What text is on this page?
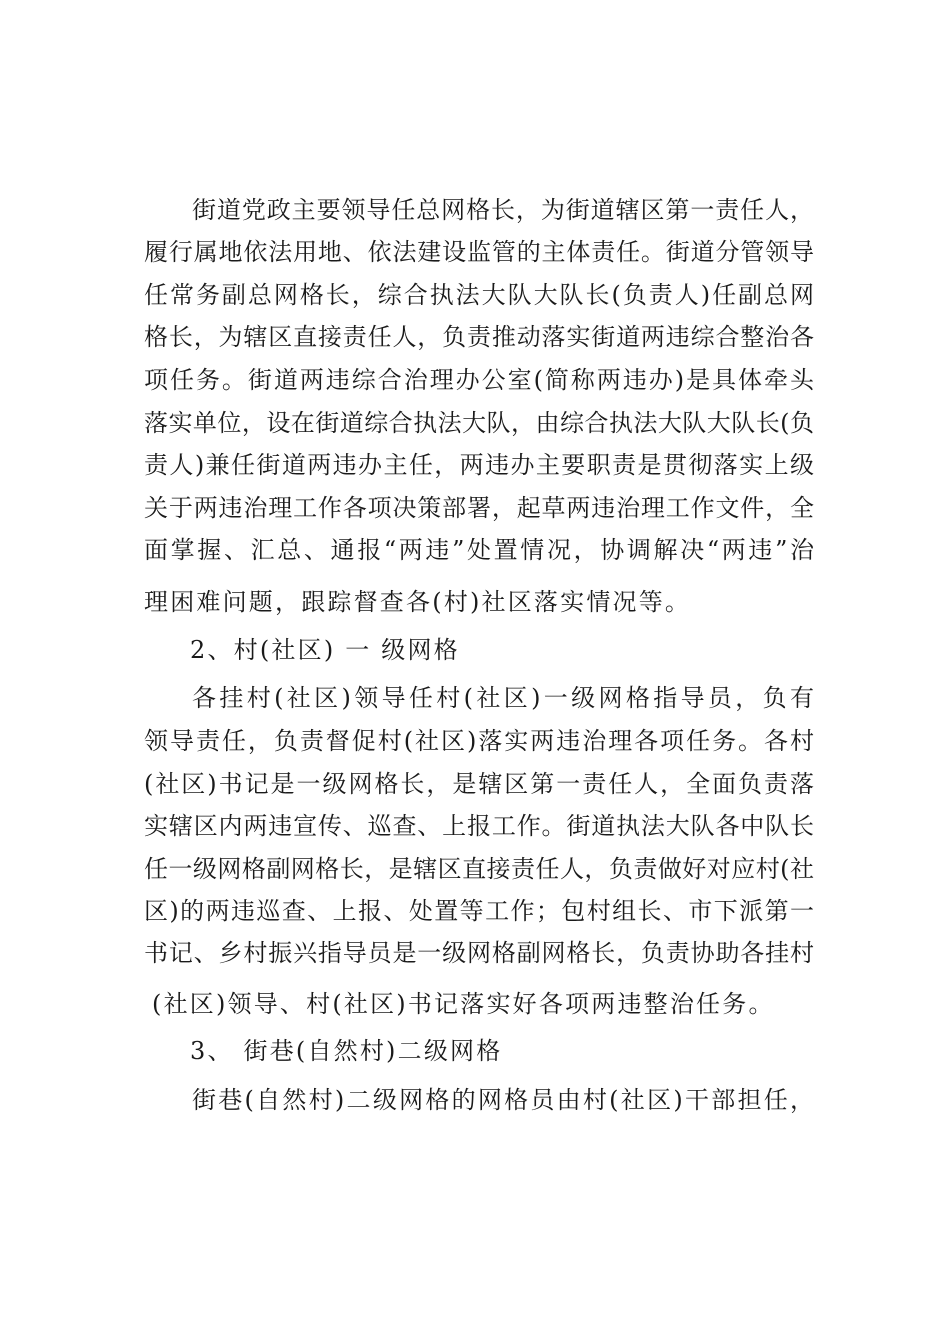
街道党政主要领导任总网格长，为街道辖区第一责任人，
履行属地依法用地、依法建设监管的主体责任。街道分管领导
任常务副总网格长，综合执法大队大队长(负责人)任副总网
格长，为辖区直接责任人，负责推动落实街道两违综合整治各
项任务。街道两违综合治理办公室(简称两违办)是具体牵头
落实单位，设在街道综合执法大队，由综合执法大队大队长(负
责人)兼任街道两违办主任，两违办主要职责是贯彻落实上级
关于两违治理工作各项决策部署，起草两违治理工作文件，全
面掌握、汇总、通报“两违”处置情况，协调解决“两违”治
理困难问题，跟踪督查各(村)社区落实情况等。
2、村(社区) 一 级网格
各挂村(社区)领导任村(社区)一级网格指导员，负有
领导责任，负责督促村(社区)落实两违治理各项任务。各村
(社区)书记是一级网格长，是辖区第一责任人，全面负责落
实辖区内两违宣传、巡查、上报工作。街道执法大队各中队长
任一级网格副网格长，是辖区直接责任人，负责做好对应村(社
区)的两违巡查、上报、处置等工作；包村组长、市下派第一
书记、乡村振兴指导员是一级网格副网格长，负责协助各挂村
(社区)领导、村(社区)书记落实好各项两违整治任务。
3、 街巷(自然村)二级网格
街巷(自然村)二级网格的网格员由村(社区)干部担任，
